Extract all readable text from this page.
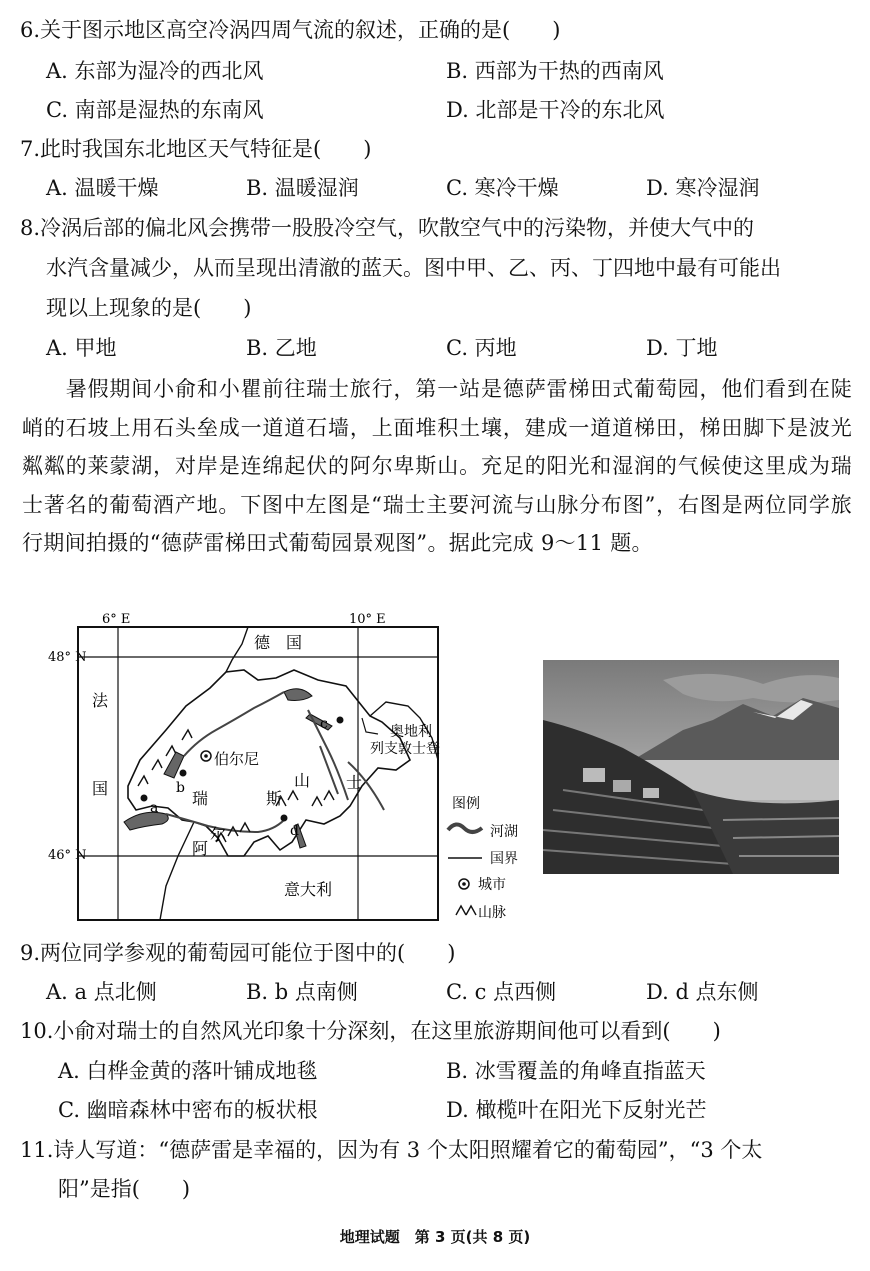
6.关于图示地区高空冷涡四周气流的叙述，正确的是(　　)
A. 东部为湿冷的西北风	B. 西部为干热的西南风
C. 南部是湿热的东南风	D. 北部是干冷的东北风
7.此时我国东北地区天气特征是(　　)
A. 温暖干燥	B. 温暖湿润	C. 寒冷干燥	D. 寒冷湿润
8.冷涡后部的偏北风会携带一股股冷空气，吹散空气中的污染物，并使大气中的
水汽含量减少，从而呈现出清澈的蓝天。图中甲、乙、丙、丁四地中最有可能出
现以上现象的是(　　)
A. 甲地	B. 乙地	C. 丙地	D. 丁地
　　暑假期间小俞和小瞿前往瑞士旅行，第一站是德萨雷梯田式葡萄园，他们看到在陡峭的石坡上用石头垒成一道道石墙，上面堆积土壤，建成一道道梯田，梯田脚下是波光粼粼的莱蒙湖，对岸是连绵起伏的阿尔卑斯山。充足的阳光和湿润的气候使这里成为瑞士著名的葡萄酒产地。下图中左图是“瑞士主要河流与山脉分布图”，右图是两位同学旅行期间拍摄的“德萨雷梯田式葡萄园景观图”。据此完成 9～11 题。
6° E	10° E
48° N
46° N
德　国
法
国
奥地利
列支敦士登
意大利
伯尔尼
a
b
c
d
瑞
士
斯
山
阿
尔
图例
河湖
国界
城市
山脉
9.两位同学参观的葡萄园可能位于图中的(　　)
A. a 点北侧	B. b 点南侧	C. c 点西侧	D. d 点东侧
10.小俞对瑞士的自然风光印象十分深刻，在这里旅游期间他可以看到(　　)
A. 白桦金黄的落叶铺成地毯	B. 冰雪覆盖的角峰直指蓝天
C. 幽暗森林中密布的板状根	D. 橄榄叶在阳光下反射光芒
11.诗人写道：“德萨雷是幸福的，因为有 3 个太阳照耀着它的葡萄园”，“3 个太
阳”是指(　　)
地理试题　第 3 页(共 8 页)
